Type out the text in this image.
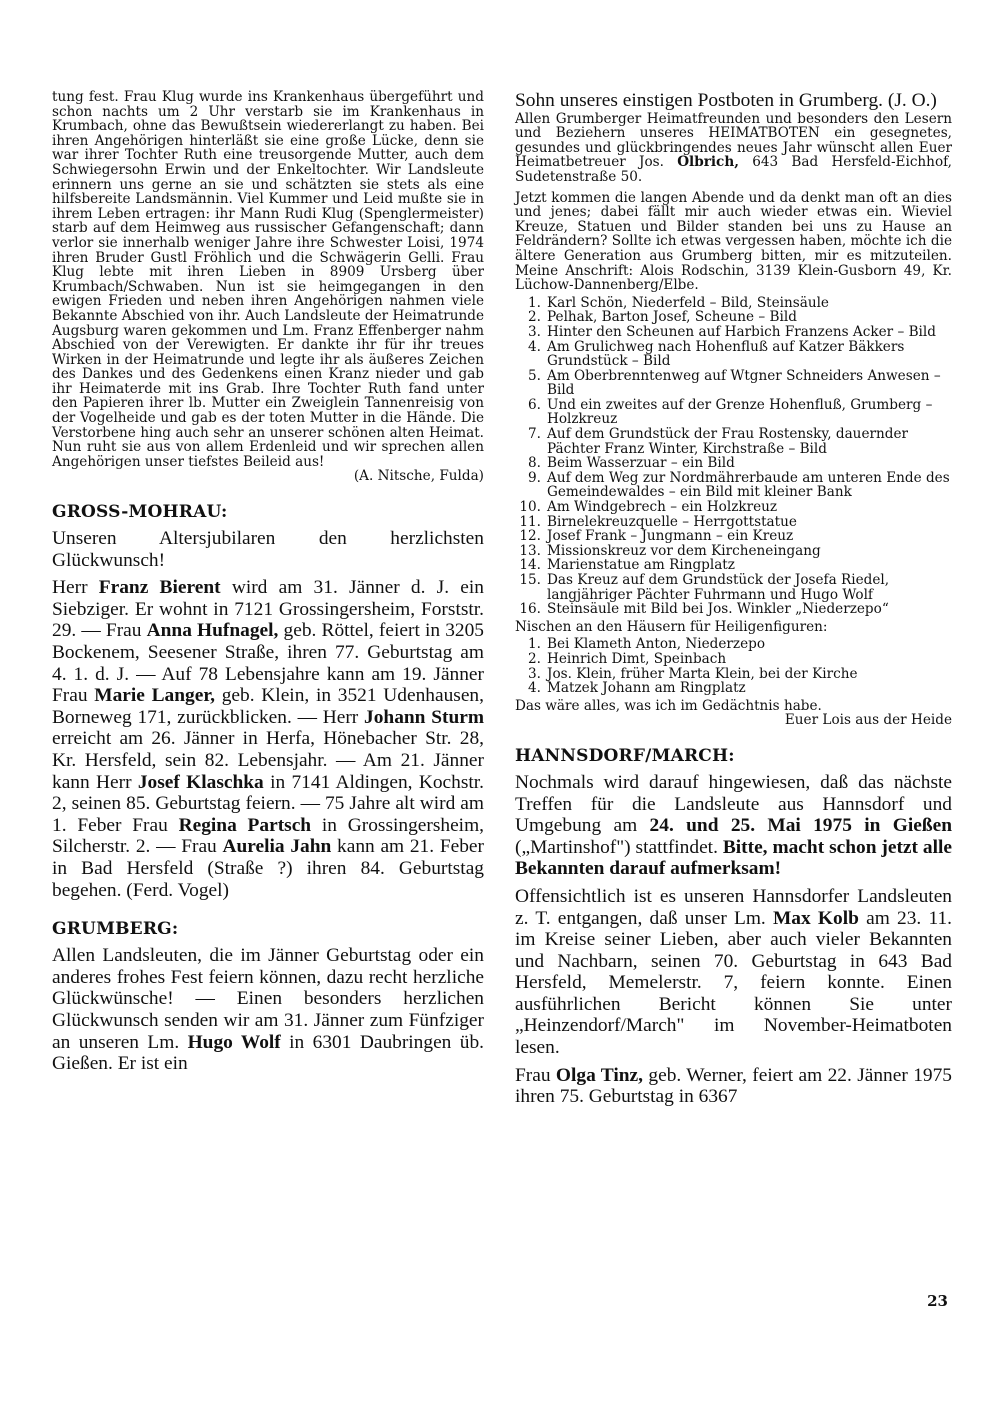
tung fest. Frau Klug wurde ins Krankenhaus übergeführt und schon nachts um 2 Uhr verstarb sie im Krankenhaus in Krumbach, ohne das Bewußtsein wiedererlangt zu haben. Bei ihren Angehörigen hinterläßt sie eine große Lücke, denn sie war ihrer Tochter Ruth eine treusorgende Mutter, auch dem Schwiegersohn Erwin und der Enkeltochter. Wir Landsleute erinnern uns gerne an sie und schätzten sie stets als eine hilfsbereite Landsmännin. Viel Kummer und Leid mußte sie in ihrem Leben ertragen: ihr Mann Rudi Klug (Spenglermeister) starb auf dem Heimweg aus russischer Gefangenschaft; dann verlor sie innerhalb weniger Jahre ihre Schwester Loisi, 1974 ihren Bruder Gustl Fröhlich und die Schwägerin Gelli. Frau Klug lebte mit ihren Lieben in 8909 Ursberg über Krumbach/Schwaben. Nun ist sie heimgegangen in den ewigen Frieden und neben ihren Angehörigen nahmen viele Bekannte Abschied von ihr. Auch Landsleute der Heimatrunde Augsburg waren gekommen und Lm. Franz Effenberger nahm Abschied von der Verewigten. Er dankte ihr für ihr treues Wirken in der Heimatrunde und legte ihr als äußeres Zeichen des Dankes und des Gedenkens einen Kranz nieder und gab ihr Heimaterde mit ins Grab. Ihre Tochter Ruth fand unter den Papieren ihrer lb. Mutter ein Zweiglein Tannenreisig von der Vogelheide und gab es der toten Mutter in die Hände. Die Verstorbene hing auch sehr an unserer schönen alten Heimat. Nun ruht sie aus von allem Erdenleid und wir sprechen allen Angehörigen unser tiefstes Beileid aus!

(A. Nitsche, Fulda)

GROSS-MOHRAU:

Unseren Altersjubilaren den herzlichsten Glückwunsch!

Herr Franz Bierent wird am 31. Jänner d. J. ein Siebziger. Er wohnt in 7121 Grossingersheim, Forststr. 29. — Frau Anna Hufnagel, geb. Röttel, feiert in 3205 Bockenem, Seesener Straße, ihren 77. Geburtstag am 4. 1. d. J. — Auf 78 Lebensjahre kann am 19. Jänner Frau Marie Langer, geb. Klein, in 3521 Udenhausen, Borneweg 171, zurückblicken. — Herr Johann Sturm erreicht am 26. Jänner in Herfa, Hönebacher Str. 28, Kr. Hersfeld, sein 82. Lebensjahr. — Am 21. Jänner kann Herr Josef Klaschka in 7141 Aldingen, Kochstr. 2, seinen 85. Geburtstag feiern. — 75 Jahre alt wird am 1. Feber Frau Regina Partsch in Grossingersheim, Silcherstr. 2. — Frau Aurelia Jahn kann am 21. Feber in Bad Hersfeld (Straße ?) ihren 84. Geburtstag begehen. (Ferd. Vogel)

GRUMBERG:

Allen Landsleuten, die im Jänner Geburtstag oder ein anderes frohes Fest feiern können, dazu recht herzliche Glückwünsche! — Einen besonders herzlichen Glückwunsch senden wir am 31. Jänner zum Fünfziger an unseren Lm. Hugo Wolf in 6301 Daubringen üb. Gießen. Er ist ein

Sohn unseres einstigen Postboten in Grumberg. (J. O.)

Allen Grumberger Heimatfreunden und besonders den Lesern und Beziehern unseres HEIMATBOTEN ein gesegnetes, gesundes und glückbringendes neues Jahr wünscht allen Euer Heimatbetreuer Jos. Olbrich, 643 Bad Hersfeld-Eichhof, Sudetenstraße 50.

Jetzt kommen die langen Abende und da denkt man oft an dies und jenes; dabei fällt mir auch wieder etwas ein. Wieviel Kreuze, Statuen und Bilder standen bei uns zu Hause an Feldrändern? Sollte ich etwas vergessen haben, möchte ich die ältere Generation aus Grumberg bitten, mir es mitzuteilen. Meine Anschrift: Alois Rodschin, 3139 Klein-Gusborn 49, Kr. Lüchow-Dannenberg/Elbe.

1. Karl Schön, Niederfeld – Bild, Steinsäule
2. Pelhak, Barton Josef, Scheune – Bild
3. Hinter den Scheunen auf Harbich Franzens Acker – Bild
4. Am Grulichweg nach Hohenfluß auf Katzer Bäkkers Grundstück – Bild
5. Am Oberbrenntenweg auf Wtgner Schneiders Anwesen – Bild
6. Und ein zweites auf der Grenze Hohenfluß, Grumberg – Holzkreuz
7. Auf dem Grundstück der Frau Rostensky, dauernder Pächter Franz Winter, Kirchstraße – Bild
8. Beim Wasserzuar – ein Bild
9. Auf dem Weg zur Nordmährerbaude am unteren Ende des Gemeindewaldes – ein Bild mit kleiner Bank
10. Am Windgebrech – ein Holzkreuz
11. Birnelekreuzquelle – Herrgottstatue
12. Josef Frank – Jungmann – ein Kreuz
13. Missionskreuz vor dem Kircheneingang
14. Marienstatue am Ringplatz
15. Das Kreuz auf dem Grundstück der Josefa Riedel, langjähriger Pächter Fuhrmann und Hugo Wolf
16. Steinsäule mit Bild bei Jos. Winkler „Niederzepo“

Nischen an den Häusern für Heiligenfiguren:

1. Bei Klameth Anton, Niederzepo
2. Heinrich Dimt, Speinbach
3. Jos. Klein, früher Marta Klein, bei der Kirche
4. Matzek Johann am Ringplatz

Das wäre alles, was ich im Gedächtnis habe.

Euer Lois aus der Heide

HANNSDORF/MARCH:

Nochmals wird darauf hingewiesen, daß das nächste Treffen für die Landsleute aus Hannsdorf und Umgebung am 24. und 25. Mai 1975 in Gießen („Martinshof") stattfindet. Bitte, macht schon jetzt alle Bekannten darauf aufmerksam!

Offensichtlich ist es unseren Hannsdorfer Landsleuten z. T. entgangen, daß unser Lm. Max Kolb am 23. 11. im Kreise seiner Lieben, aber auch vieler Bekannten und Nachbarn, seinen 70. Geburtstag in 643 Bad Hersfeld, Memelerstr. 7, feiern konnte. Einen ausführlichen Bericht können Sie unter „Heinzendorf/March" im November-Heimatboten lesen.

Frau Olga Tinz, geb. Werner, feiert am 22. Jänner 1975 ihren 75. Geburtstag in 6367

23
